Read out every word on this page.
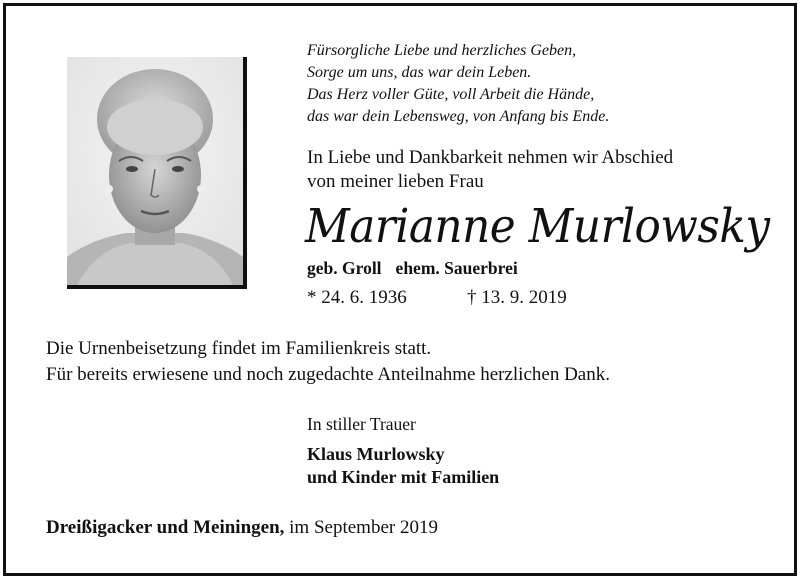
Fürsorgliche Liebe und herzliches Geben,
Sorge um uns, das war dein Leben.
Das Herz voller Güte, voll Arbeit die Hände,
das war dein Lebensweg, von Anfang bis Ende.
In Liebe und Dankbarkeit nehmen wir Abschied
von meiner lieben Frau
Marianne Murlowsky
geb. Groll ehem. Sauerbrei
* 24. 6. 1936	† 13. 9. 2019
Die Urnenbeisetzung findet im Familienkreis statt.
Für bereits erwiesene und noch zugedachte Anteilnahme herzlichen Dank.
In stiller Trauer
Klaus Murlowsky
und Kinder mit Familien
Dreißigacker und Meiningen, im September 2019
